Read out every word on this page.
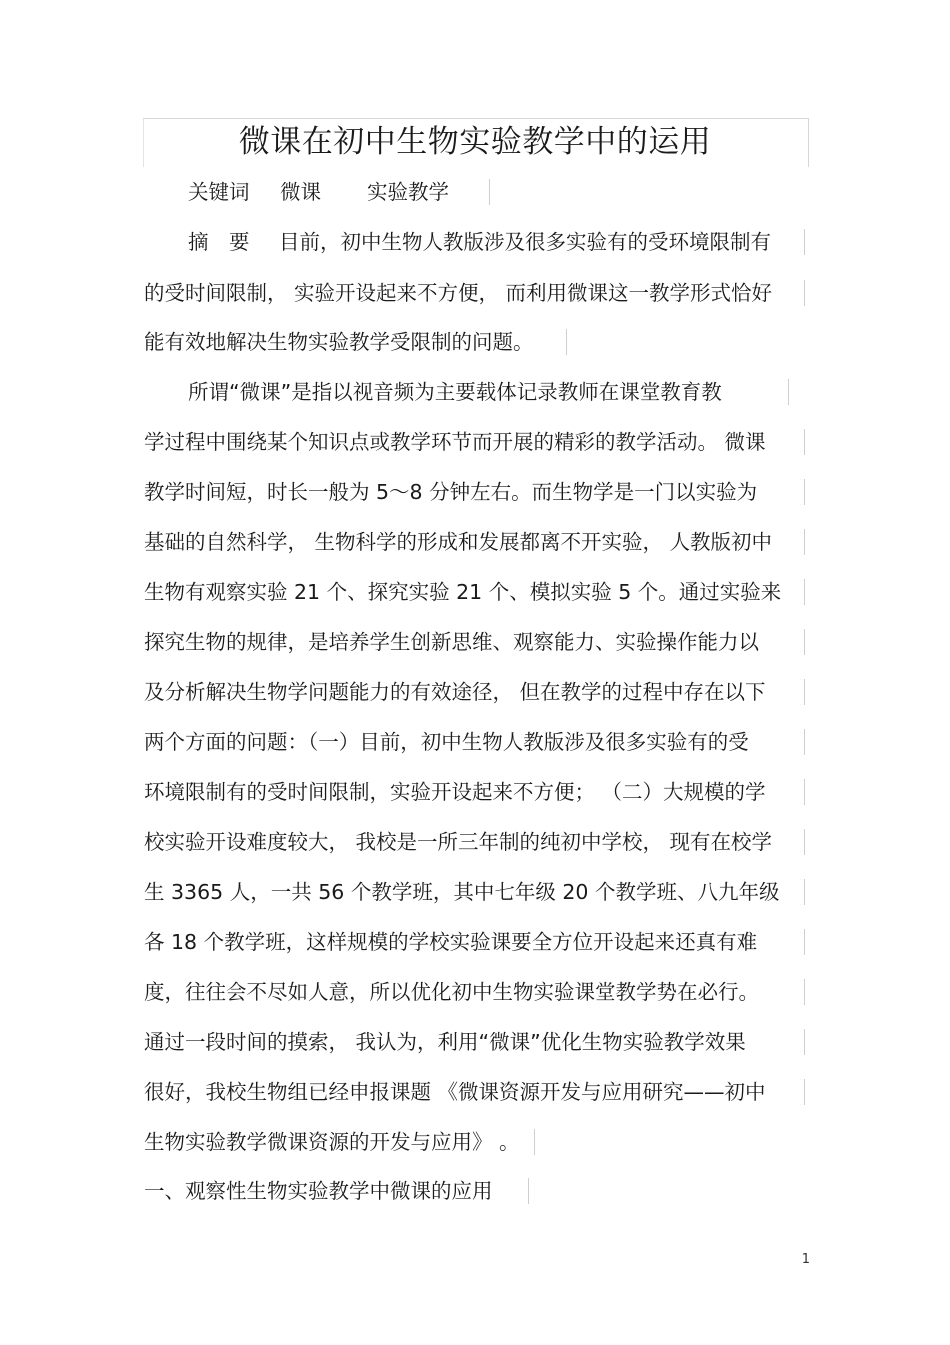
微课在初中生物实验教学中的运用
关键词 微课 实验教学
摘　要 目前，初中生物人教版涉及很多实验有的受环境限制有
的受时间限制， 实验开设起来不方便， 而利用微课这一教学形式恰好
能有效地解决生物实验教学受限制的问题。
所谓“微课”是指以视音频为主要载体记录教师在课堂教育教
学过程中围绕某个知识点或教学环节而开展的精彩的教学活动。 微课
教学时间短，时长一般为 5～8 分钟左右。而生物学是一门以实验为
基础的自然科学， 生物科学的形成和发展都离不开实验， 人教版初中
生物有观察实验 21 个、探究实验 21 个、模拟实验 5 个。通过实验来
探究生物的规律，是培养学生创新思维、观察能力、实验操作能力以
及分析解决生物学问题能力的有效途径， 但在教学的过程中存在以下
两个方面的问题：（一）目前，初中生物人教版涉及很多实验有的受
环境限制有的受时间限制，实验开设起来不方便； （二）大规模的学
校实验开设难度较大， 我校是一所三年制的纯初中学校， 现有在校学
生 3365 人，一共 56 个教学班，其中七年级 20 个教学班、八九年级
各 18 个教学班，这样规模的学校实验课要全方位开设起来还真有难
度，往往会不尽如人意，所以优化初中生物实验课堂教学势在必行。
通过一段时间的摸索， 我认为，利用“微课”优化生物实验教学效果
很好，我校生物组已经申报课题 《微课资源开发与应用研究——初中
生物实验教学微课资源的开发与应用》 。
一、观察性生物实验教学中微课的应用
1
